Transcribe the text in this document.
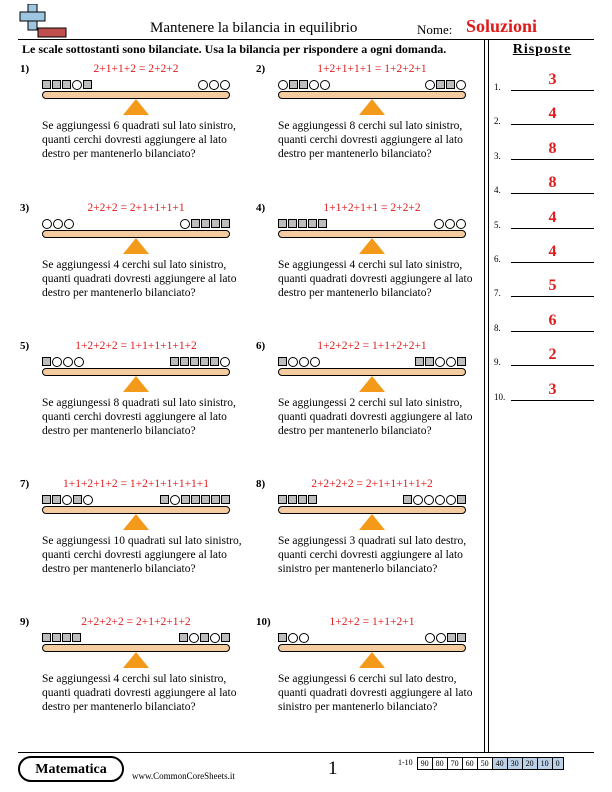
Mantenere la bilancia in equilibrio	Nome: Soluzioni
Le scale sottostanti sono bilanciate. Usa la bilancia per rispondere a ogni domanda.	Risposte
1.	3
2.	4
3.	8
4.	8
5.	4
6.	4
7.	5
8.	6
9.	2
10.	3
1)	2+1+1+2 = 2+2+2
Se aggiungessi 6 quadrati sul lato sinistro, quanti cerchi dovresti aggiungere al lato destro per mantenerlo bilanciato?
2)	1+2+1+1+1 = 1+2+2+1
Se aggiungessi 8 cerchi sul lato sinistro, quanti cerchi dovresti aggiungere al lato destro per mantenerlo bilanciato?
3)	2+2+2 = 2+1+1+1+1
Se aggiungessi 4 cerchi sul lato sinistro, quanti quadrati dovresti aggiungere al lato destro per mantenerlo bilanciato?
4)	1+1+2+1+1 = 2+2+2
Se aggiungessi 4 cerchi sul lato sinistro, quanti quadrati dovresti aggiungere al lato destro per mantenerlo bilanciato?
5)	1+2+2+2 = 1+1+1+1+1+2
Se aggiungessi 8 quadrati sul lato sinistro, quanti cerchi dovresti aggiungere al lato destro per mantenerlo bilanciato?
6)	1+2+2+2 = 1+1+2+2+1
Se aggiungessi 2 cerchi sul lato sinistro, quanti quadrati dovresti aggiungere al lato destro per mantenerlo bilanciato?
7)	1+1+2+1+2 = 1+2+1+1+1+1+1
Se aggiungessi 10 quadrati sul lato sinistro, quanti cerchi dovresti aggiungere al lato destro per mantenerlo bilanciato?
8)	2+2+2+2 = 2+1+1+1+1+2
Se aggiungessi 3 quadrati sul lato destro, quanti cerchi dovresti aggiungere al lato sinistro per mantenerlo bilanciato?
9)	2+2+2+2 = 2+1+2+1+2
Se aggiungessi 4 cerchi sul lato sinistro, quanti quadrati dovresti aggiungere al lato destro per mantenerlo bilanciato?
10)	1+2+2 = 1+1+2+1
Se aggiungessi 6 cerchi sul lato destro, quanti quadrati dovresti aggiungere al lato sinistro per mantenerlo bilanciato?
Matematica	www.CommonCoreSheets.it	1	1-10	90 80 70 60 50 40 30 20 10 0
